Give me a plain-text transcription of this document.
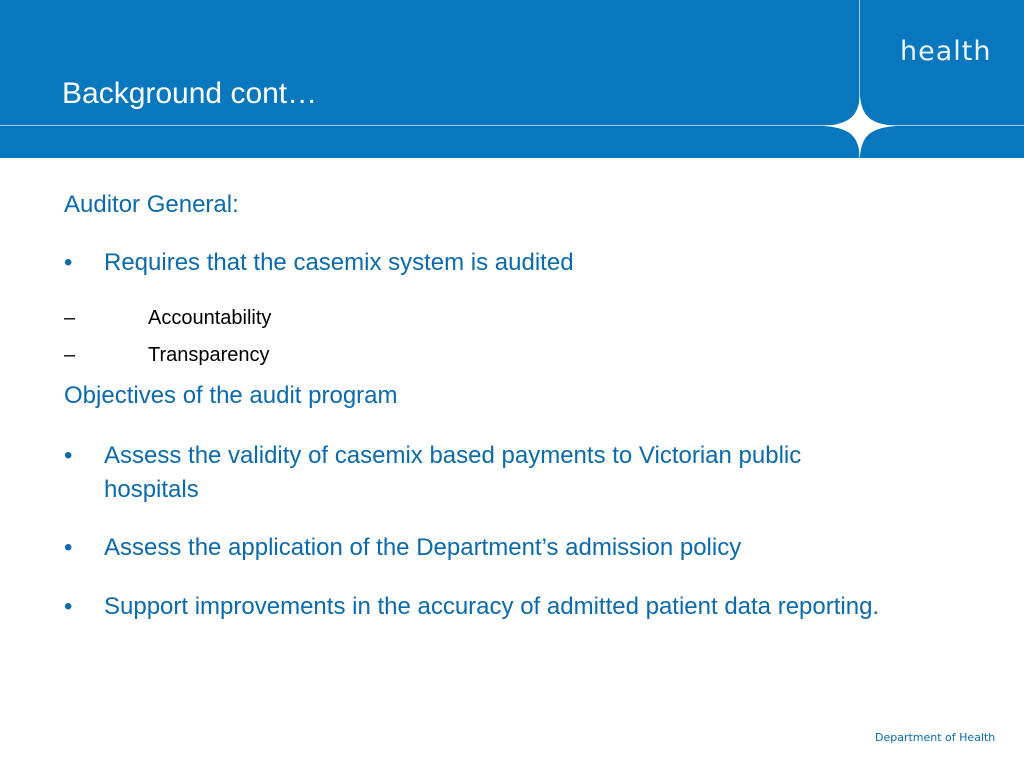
Background cont…
health
Auditor General:
• Requires that the casemix system is audited
–	Accountability
–	Transparency
Objectives of the audit program
• Assess the validity of casemix based payments to Victorian public hospitals
• Assess the application of the Department’s admission policy
• Support improvements in the accuracy of admitted patient data reporting.
Department of Health
